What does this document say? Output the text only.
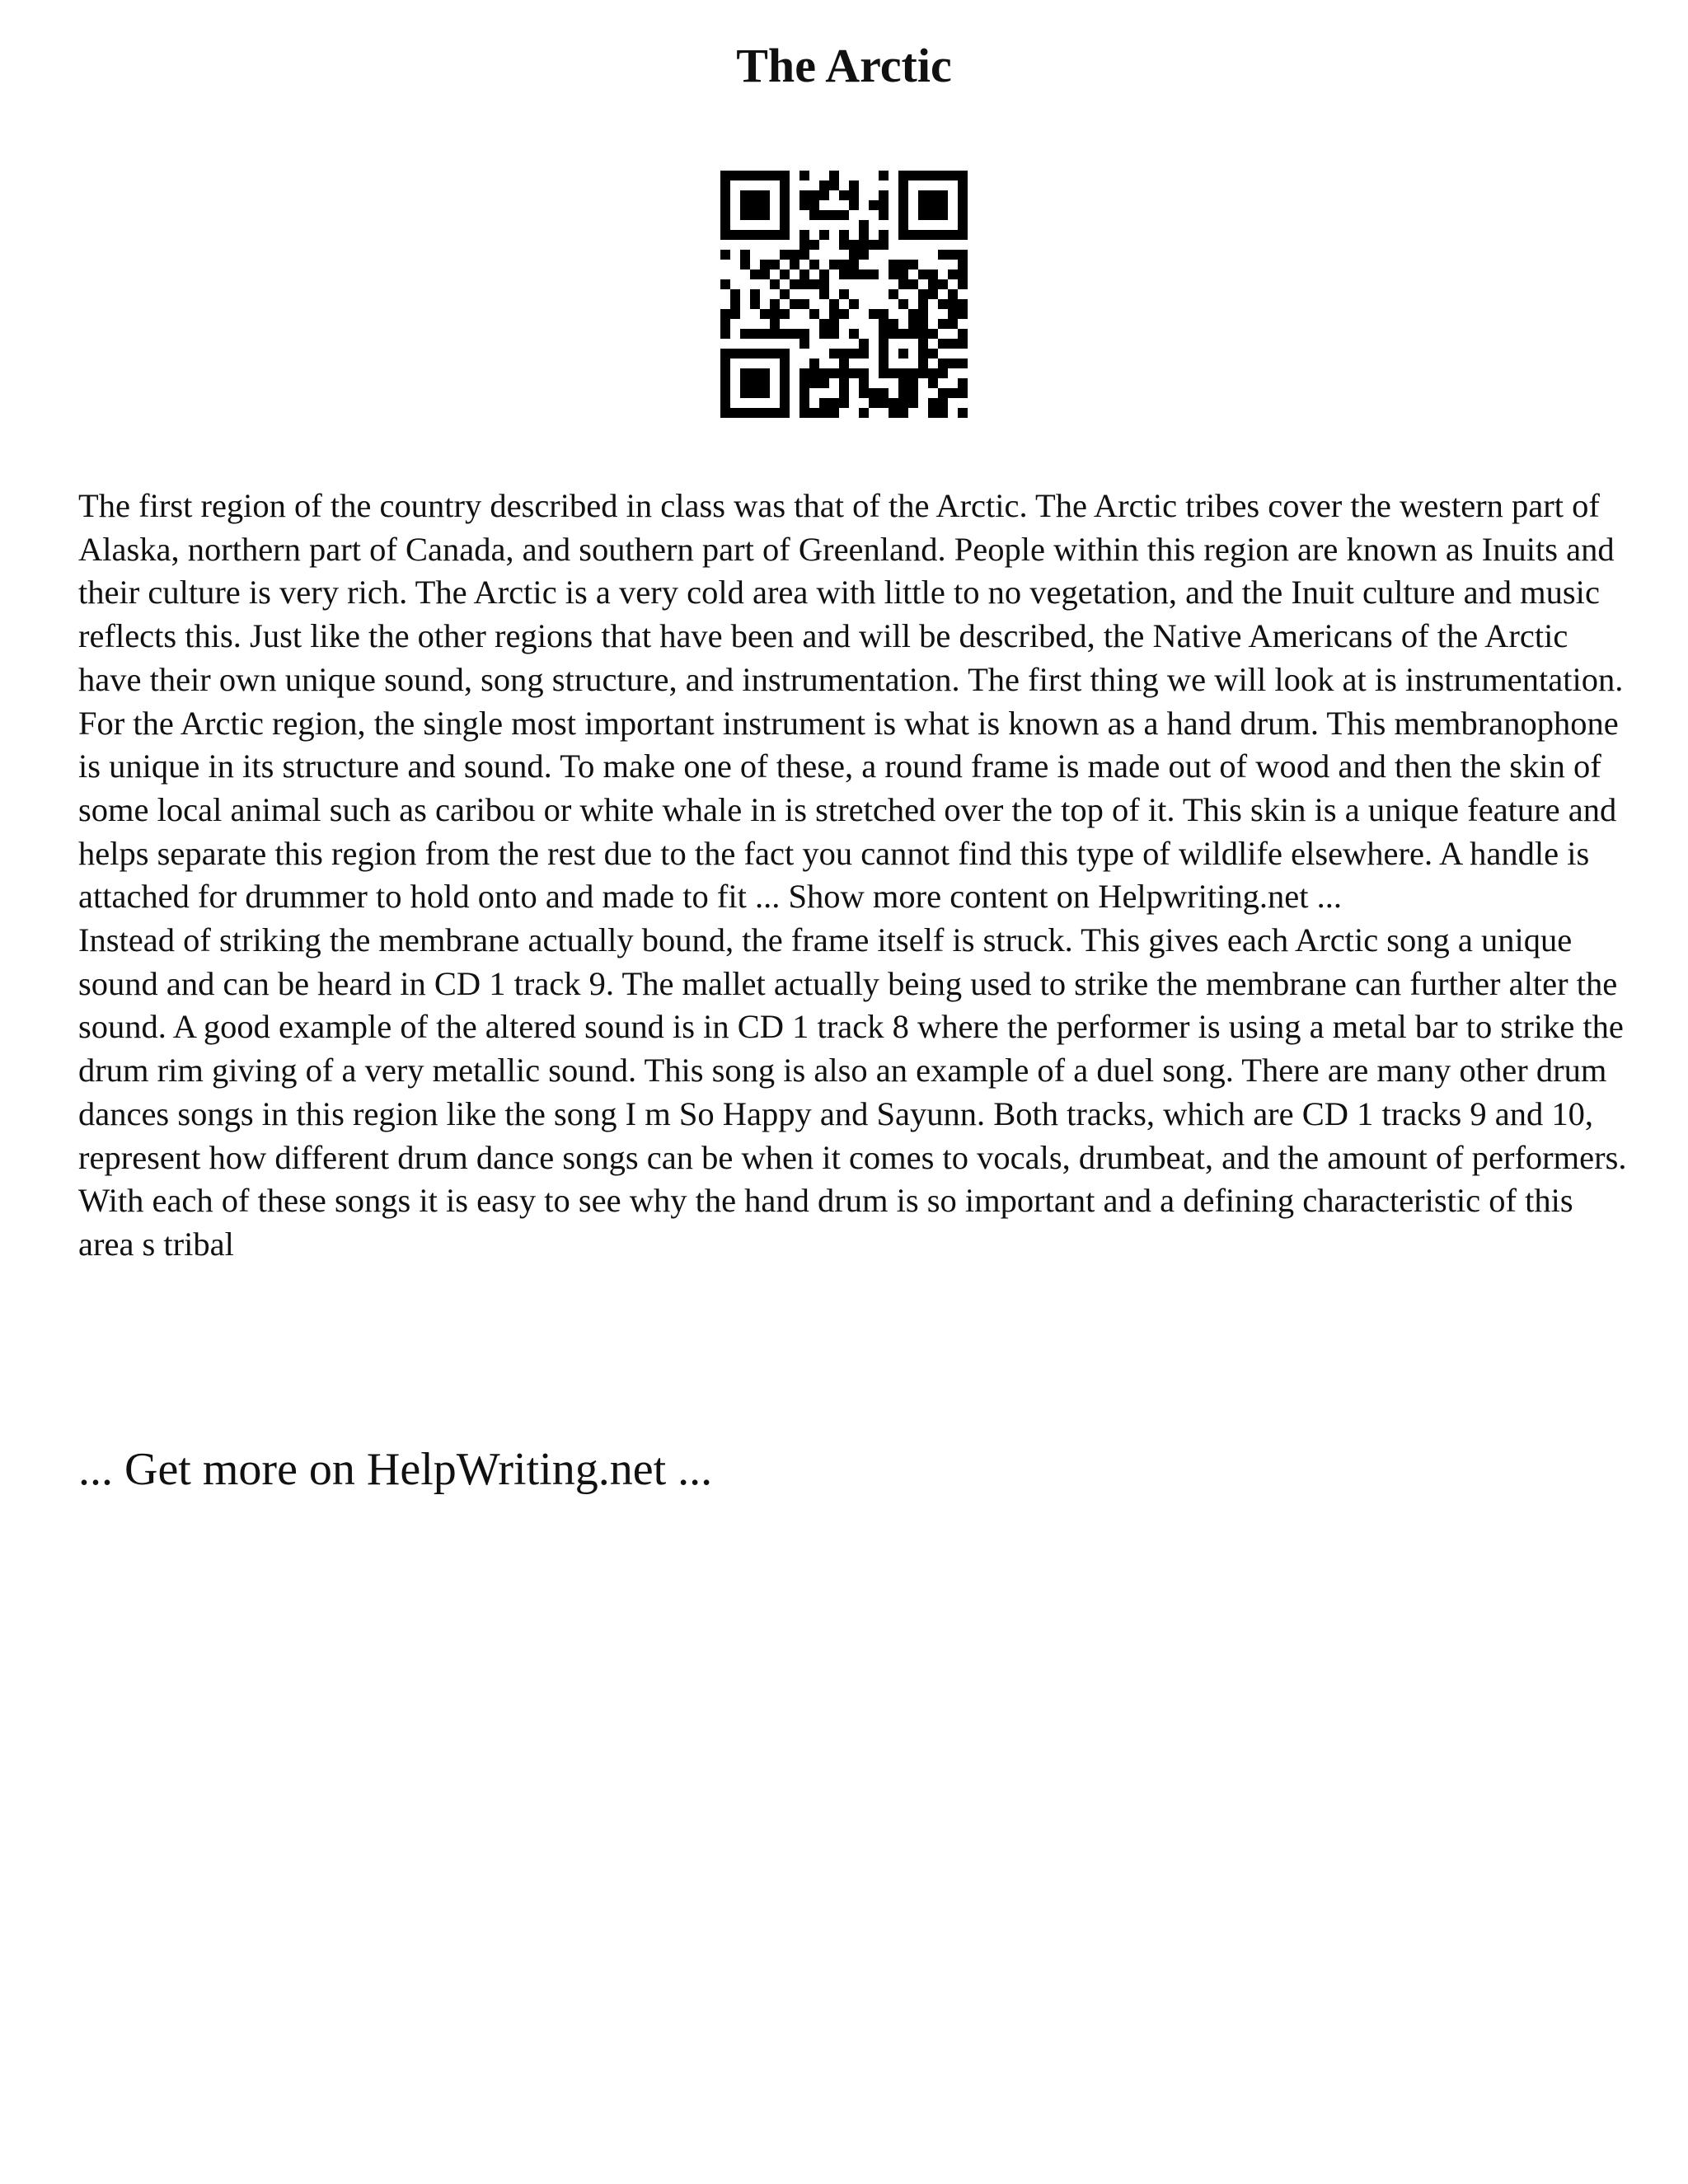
The Arctic

The first region of the country described in class was that of the Arctic. The Arctic tribes cover the western part of Alaska, northern part of Canada, and southern part of Greenland. People within this region are known as Inuits and their culture is very rich. The Arctic is a very cold area with little to no vegetation, and the Inuit culture and music reflects this. Just like the other regions that have been and will be described, the Native Americans of the Arctic have their own unique sound, song structure, and instrumentation. The first thing we will look at is instrumentation. For the Arctic region, the single most important instrument is what is known as a hand drum. This membranophone is unique in its structure and sound. To make one of these, a round frame is made out of wood and then the skin of some local animal such as caribou or white whale in is stretched over the top of it. This skin is a unique feature and helps separate this region from the rest due to the fact you cannot find this type of wildlife elsewhere. A handle is attached for drummer to hold onto and made to fit ... Show more content on Helpwriting.net ...

Instead of striking the membrane actually bound, the frame itself is struck. This gives each Arctic song a unique sound and can be heard in CD 1 track 9. The mallet actually being used to strike the membrane can further alter the sound. A good example of the altered sound is in CD 1 track 8 where the performer is using a metal bar to strike the drum rim giving of a very metallic sound. This song is also an example of a duel song. There are many other drum dances songs in this region like the song I m So Happy and Sayunn. Both tracks, which are CD 1 tracks 9 and 10, represent how different drum dance songs can be when it comes to vocals, drumbeat, and the amount of performers. With each of these songs it is easy to see why the hand drum is so important and a defining characteristic of this area s tribal

... Get more on HelpWriting.net ...
